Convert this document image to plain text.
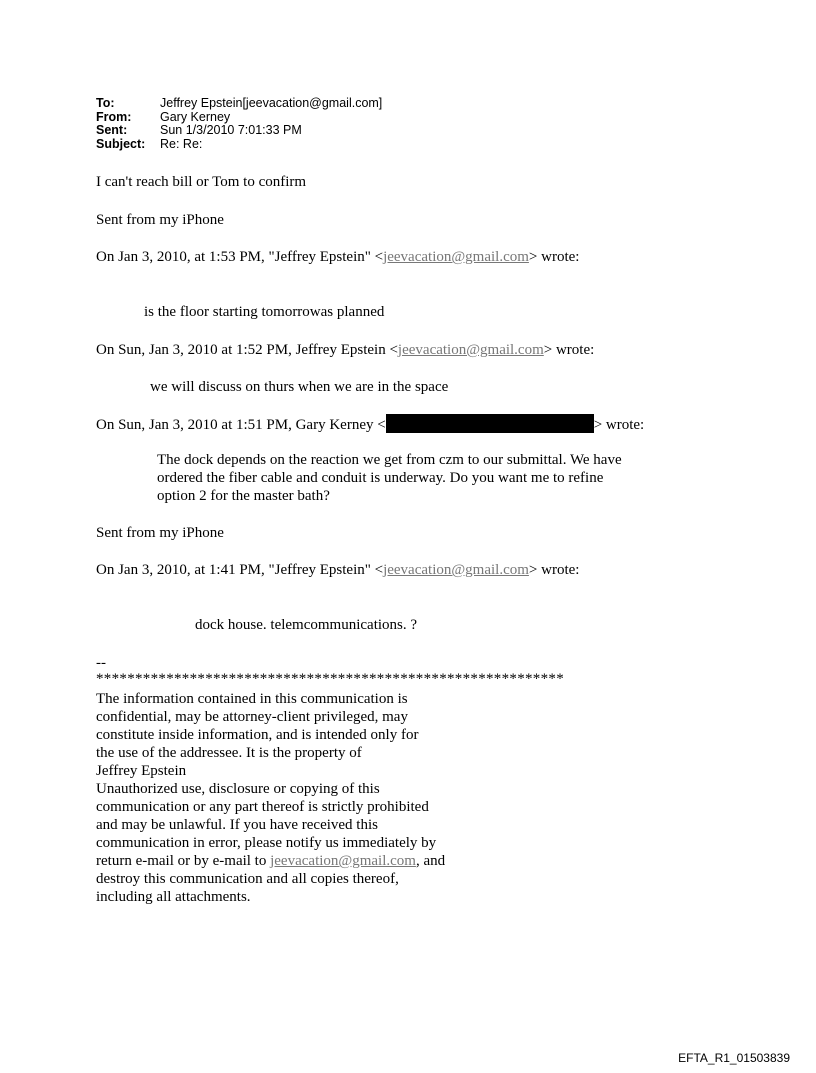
To:	Jeffrey Epstein[jeevacation@gmail.com]
From:	Gary Kerney
Sent:	Sun 1/3/2010 7:01:33 PM
Subject:	Re: Re:
I can't reach bill or Tom to confirm
Sent from my iPhone
On Jan 3, 2010, at 1:53 PM, "Jeffrey Epstein" <jeevacation@gmail.com> wrote:
is the floor starting tomorrowas planned
On Sun, Jan 3, 2010 at 1:52 PM, Jeffrey Epstein <jeevacation@gmail.com> wrote:
we will discuss on thurs when we are in the space
On Sun, Jan 3, 2010 at 1:51 PM, Gary Kerney <	> wrote:
The dock depends on the reaction we get from czm to our submittal. We have
ordered the fiber cable and conduit is underway. Do you want me to refine
option 2 for the master bath?
Sent from my iPhone
On Jan 3, 2010, at 1:41 PM, "Jeffrey Epstein" <jeevacation@gmail.com> wrote:
dock house. telemcommunications. ?
--
************************************************************
The information contained in this communication is
confidential, may be attorney-client privileged, may
constitute inside information, and is intended only for
the use of the addressee. It is the property of
Jeffrey Epstein
Unauthorized use, disclosure or copying of this
communication or any part thereof is strictly prohibited
and may be unlawful. If you have received this
communication in error, please notify us immediately by
return e-mail or by e-mail to jeevacation@gmail.com, and
destroy this communication and all copies thereof,
including all attachments.
EFTA_R1_01503839
